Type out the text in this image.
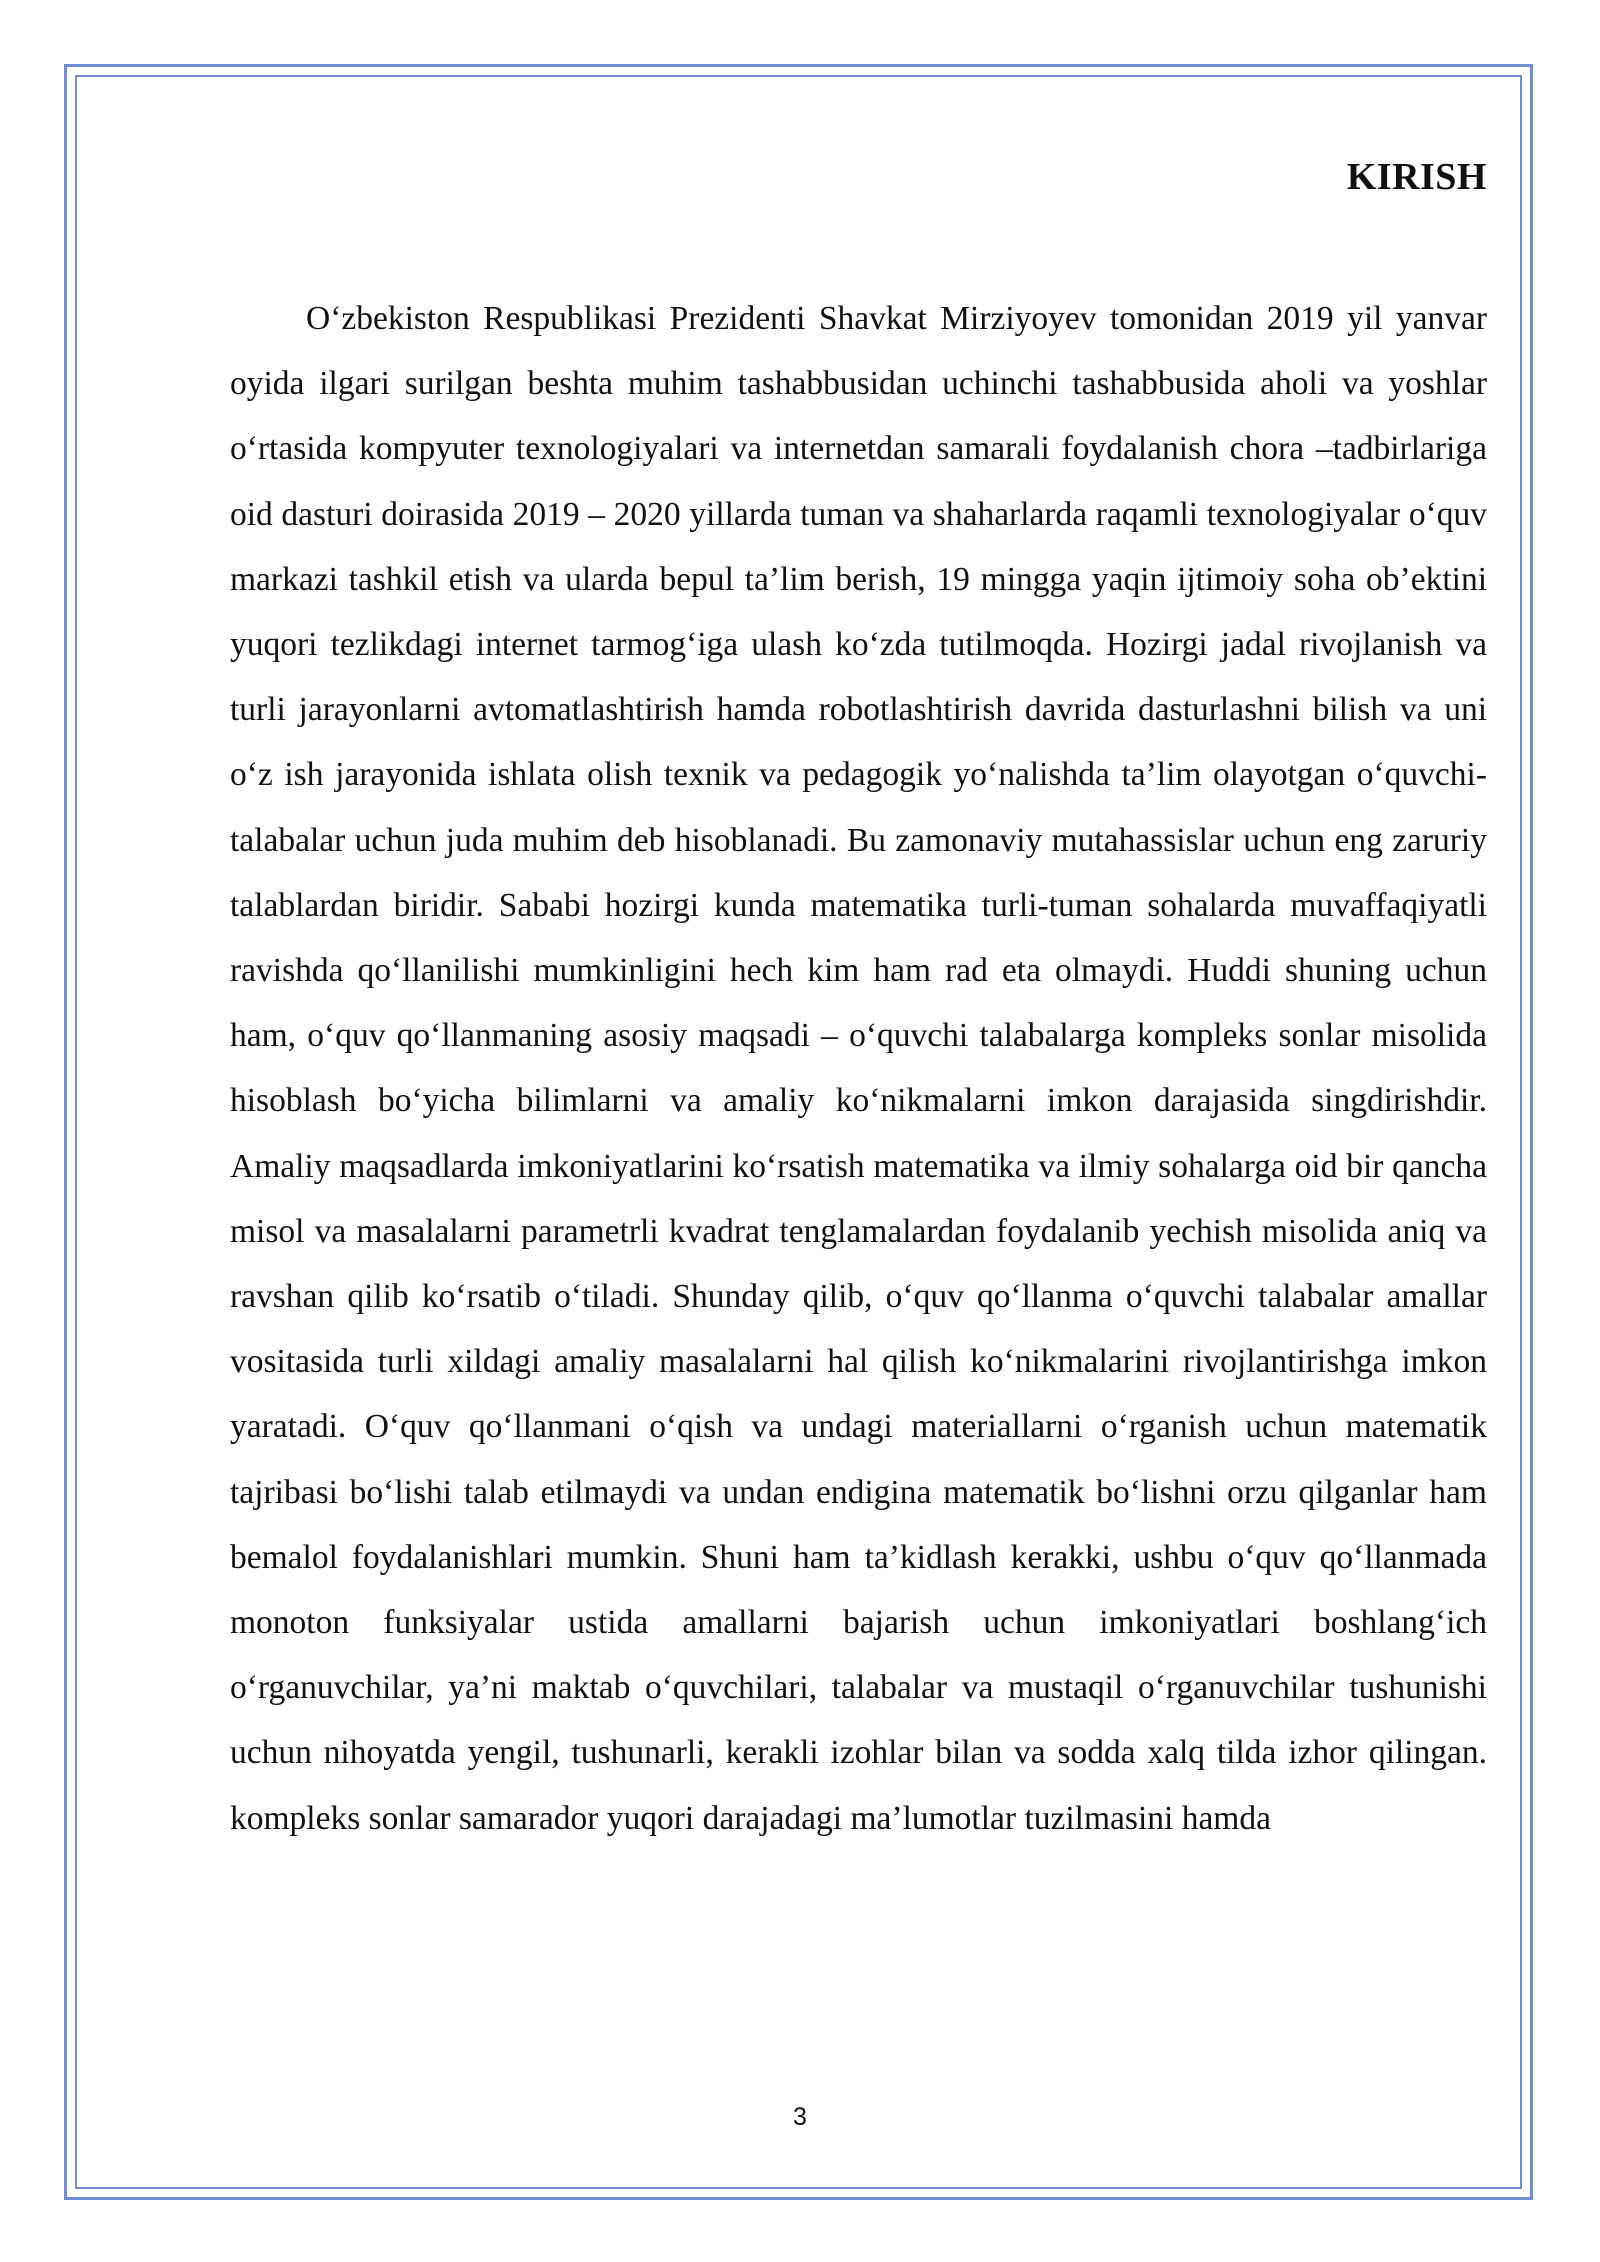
KIRISH

O‘zbekiston Respublikasi Prezidenti Shavkat Mirziyoyev tomonidan 2019 yil yanvar oyida ilgari surilgan beshta muhim tashabbusidan uchinchi tashabbusida aholi va yoshlar o‘rtasida kompyuter texnologiyalari va internetdan samarali foydalanish chora –tadbirlariga oid dasturi doirasida 2019 – 2020 yillarda tuman va shaharlarda raqamli texnologiyalar o‘quv markazi tashkil etish va ularda bepul ta’lim berish, 19 mingga yaqin ijtimoiy soha ob’ektini yuqori tezlikdagi internet tarmog‘iga ulash ko‘zda tutilmoqda. Hozirgi jadal rivojlanish va turli jarayonlarni avtomatlashtirish hamda robotlashtirish davrida dasturlashni bilish va uni o‘z ish jarayonida ishlata olish texnik va pedagogik yo‘nalishda ta’lim olayotgan o‘quvchi-talabalar uchun juda muhim deb hisoblanadi. Bu zamonaviy mutahassislar uchun eng zaruriy talablardan biridir. Sababi hozirgi kunda matematika turli-tuman sohalarda muvaffaqiyatli ravishda qo‘llanilishi mumkinligini hech kim ham rad eta olmaydi. Huddi shuning uchun ham, o‘quv qo‘llanmaning asosiy maqsadi – o‘quvchi talabalarga kompleks sonlar misolida hisoblash bo‘yicha bilimlarni va amaliy ko‘nikmalarni imkon darajasida singdirishdir. Amaliy maqsadlarda imkoniyatlarini ko‘rsatish matematika va ilmiy sohalarga oid bir qancha misol va masalalarni parametrli kvadrat tenglamalardan foydalanib yechish misolida aniq va ravshan qilib ko‘rsatib o‘tiladi. Shunday qilib, o‘quv qo‘llanma o‘quvchi talabalar amallar vositasida turli xildagi amaliy masalalarni hal qilish ko‘nikmalarini rivojlantirishga imkon yaratadi. O‘quv qo‘llanmani o‘qish va undagi materiallarni o‘rganish uchun matematik tajribasi bo‘lishi talab etilmaydi va undan endigina matematik bo‘lishni orzu qilganlar ham bemalol foydalanishlari mumkin. Shuni ham ta’kidlash kerakki, ushbu o‘quv qo‘llanmada monoton funksiyalar ustida amallarni bajarish uchun imkoniyatlari boshlang‘ich o‘rganuvchilar, ya’ni maktab o‘quvchilari, talabalar va mustaqil o‘rganuvchilar tushunishi uchun nihoyatda yengil, tushunarli, kerakli izohlar bilan va sodda xalq tilda izhor qilingan. kompleks sonlar samarador yuqori darajadagi ma’lumotlar tuzilmasini hamda

3
